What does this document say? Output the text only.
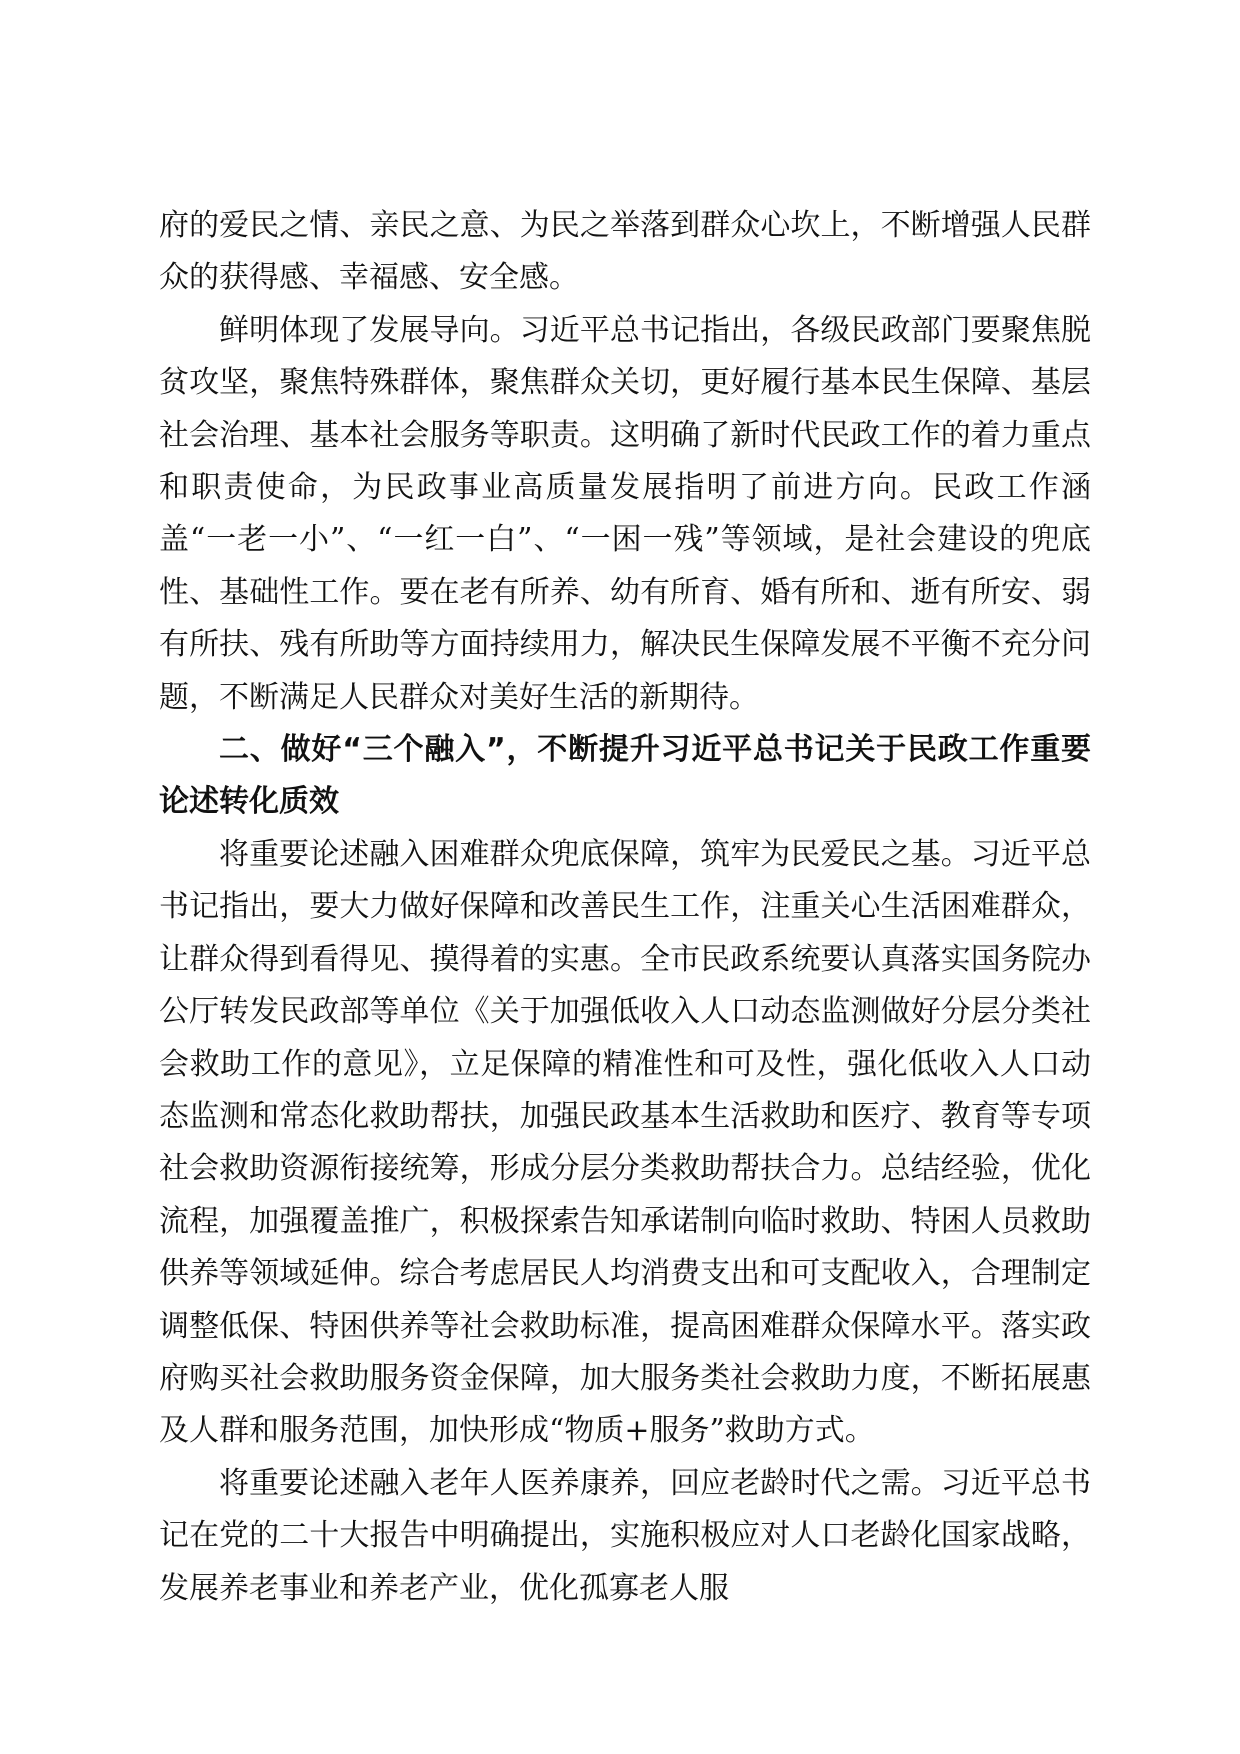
府的爱民之情、亲民之意、为民之举落到群众心坎上，不断增强人民群众的获得感、幸福感、安全感。

鲜明体现了发展导向。习近平总书记指出，各级民政部门要聚焦脱贫攻坚，聚焦特殊群体，聚焦群众关切，更好履行基本民生保障、基层社会治理、基本社会服务等职责。这明确了新时代民政工作的着力重点和职责使命，为民政事业高质量发展指明了前进方向。民政工作涵盖“一老一小”、“一红一白”、“一困一残”等领域，是社会建设的兜底性、基础性工作。要在老有所养、幼有所育、婚有所和、逝有所安、弱有所扶、残有所助等方面持续用力，解决民生保障发展不平衡不充分问题，不断满足人民群众对美好生活的新期待。

二、做好“三个融入”，不断提升习近平总书记关于民政工作重要论述转化质效

将重要论述融入困难群众兜底保障，筑牢为民爱民之基。习近平总书记指出，要大力做好保障和改善民生工作，注重关心生活困难群众，让群众得到看得见、摸得着的实惠。全市民政系统要认真落实国务院办公厅转发民政部等单位《关于加强低收入人口动态监测做好分层分类社会救助工作的意见》，立足保障的精准性和可及性，强化低收入人口动态监测和常态化救助帮扶，加强民政基本生活救助和医疗、教育等专项社会救助资源衔接统筹，形成分层分类救助帮扶合力。总结经验，优化流程，加强覆盖推广，积极探索告知承诺制向临时救助、特困人员救助供养等领域延伸。综合考虑居民人均消费支出和可支配收入，合理制定调整低保、特困供养等社会救助标准，提高困难群众保障水平。落实政府购买社会救助服务资金保障，加大服务类社会救助力度，不断拓展惠及人群和服务范围，加快形成“物质+服务”救助方式。

将重要论述融入老年人医养康养，回应老龄时代之需。习近平总书记在党的二十大报告中明确提出，实施积极应对人口老龄化国家战略，发展养老事业和养老产业，优化孤寡老人服
